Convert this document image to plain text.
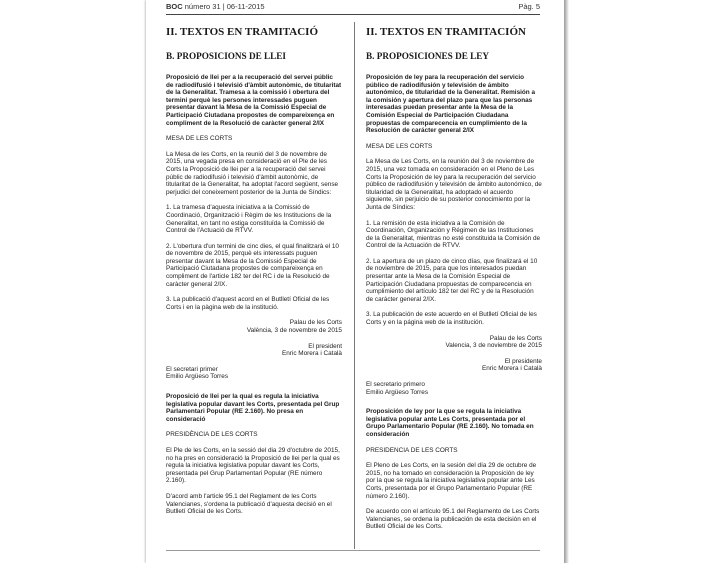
BOC número 31 | 06-11-2015	Pàg. 5
II. TEXTOS EN TRAMITACIÓ
B. PROPOSICIONS DE LLEI
Proposició de llei per a la recuperació del servei públic de radiodifusió i televisió d'àmbit autonòmic, de titularitat de la Generalitat. Tramesa a la comissió i obertura del termini perquè les persones interessades puguen presentar davant la Mesa de la Comissió Especial de Participació Ciutadana propostes de compareixença en compliment de la Resolució de caràcter general 2/IX
MESA DE LES CORTS

La Mesa de les Corts, en la reunió del 3 de novembre de 2015, una vegada presa en consideració en el Ple de les Corts la Proposició de llei per a la recuperació del servei públic de radiodifusió i televisió d'àmbit autonòmic, de titularitat de la Generalitat, ha adoptat l'acord següent, sense perjudici del coneixement posterior de la Junta de Síndics:

1. La tramesa d'aquesta iniciativa a la Comissió de Coordinació, Organització i Règim de les Institucions de la Generalitat, en tant no estiga constituïda la Comissió de Control de l'Actuació de RTVV.

2. L'obertura d'un termini de cinc dies, el qual finalitzarà el 10 de novembre de 2015, perquè els interessats puguen presentar davant la Mesa de la Comissió Especial de Participació Ciutadana propostes de compareixença en compliment de l'article 182 ter del RC i de la Resolució de caràcter general 2/IX.

3. La publicació d'aquest acord en el Butlletí Oficial de les Corts i en la pàgina web de la institució.

Palau de les Corts
València, 3 de novembre de 2015
El president
Enric Morera i Català
El secretari primer
Emilio Argüeso Torres
Proposició de llei per la qual es regula la iniciativa legislativa popular davant les Corts, presentada pel Grup Parlamentari Popular (RE 2.160). No presa en consideració
PRESIDÈNCIA DE LES CORTS

El Ple de les Corts, en la sessió del dia 29 d'octubre de 2015, no ha pres en consideració la Proposició de llei per la qual es regula la iniciativa legislativa popular davant les Corts, presentada pel Grup Parlamentari Popular (RE número 2.160).

D'acord amb l'article 95.1 del Reglament de les Corts Valencianes, s'ordena la publicació d'aquesta decisió en el Butlletí Oficial de les Corts.

II. TEXTOS EN TRAMITACIÓN
B. PROPOSICIONES DE LEY
Proposición de ley para la recuperación del servicio público de radiodifusión y televisión de ámbito autonómico, de titularidad de la Generalitat. Remisión a la comisión y apertura del plazo para que las personas interesadas puedan presentar ante la Mesa de la Comisión Especial de Participación Ciudadana propuestas de comparecencia en cumplimiento de la Resolución de carácter general 2/IX
MESA DE LES CORTS

La Mesa de Les Corts, en la reunión del 3 de noviembre de 2015, una vez tomada en consideración en el Pleno de Les Corts la Proposición de ley para la recuperación del servicio público de radiodifusión y televisión de ámbito autonómico, de titularidad de la Generalitat, ha adoptado el acuerdo siguiente, sin perjuicio de su posterior conocimiento por la Junta de Síndics:

1. La remisión de esta iniciativa a la Comisión de Coordinación, Organización y Régimen de las Instituciones de la Generalitat, mientras no esté constituida la Comisión de Control de la Actuación de RTVV.

2. La apertura de un plazo de cinco días, que finalizará el 10 de noviembre de 2015, para que los interesados puedan presentar ante la Mesa de la Comisión Especial de Participación Ciudadana propuestas de comparecencia en cumplimiento del artículo 182 ter del RC y de la Resolución de carácter general 2/IX.

3. La publicación de este acuerdo en el Butlletí Oficial de les Corts y en la página web de la institución.

Palau de les Corts
Valencia, 3 de noviembre de 2015
El presidente
Enric Morera i Català
El secretario primero
Emilio Argüeso Torres
Proposición de ley por la que se regula la iniciativa legislativa popular ante Les Corts, presentada por el Grupo Parlamentario Popular (RE 2.160). No tomada en consideración
PRESIDENCIA DE LES CORTS

El Pleno de Les Corts, en la sesión del día 29 de octubre de 2015, no ha tomado en consideración la Proposición de ley por la que se regula la iniciativa legislativa popular ante Les Corts, presentada por el Grupo Parlamentario Popular (RE número 2.160).

De acuerdo con el artículo 95.1 del Reglamento de Les Corts Valencianes, se ordena la publicación de esta decisión en el Butlletí Oficial de les Corts.
